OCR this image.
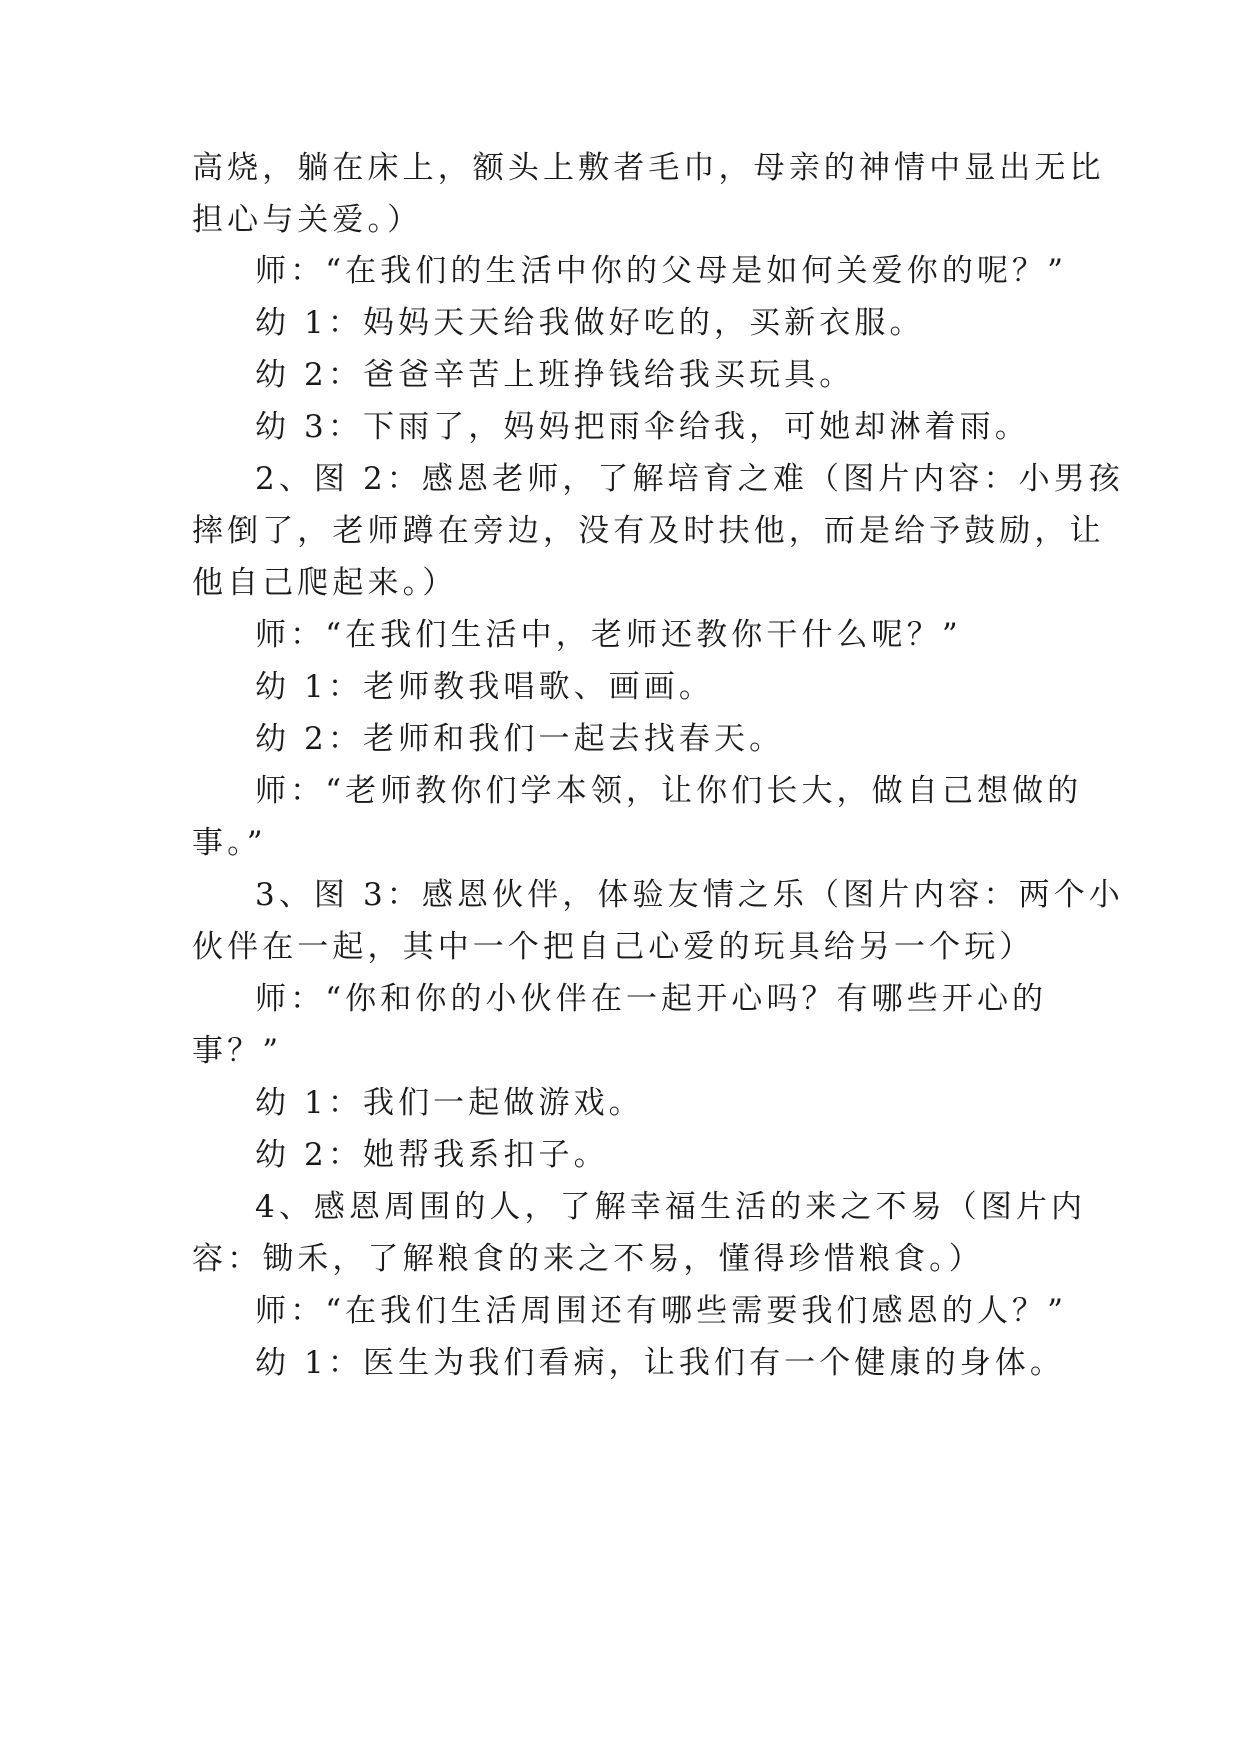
高烧，躺在床上，额头上敷者毛巾，母亲的神情中显出无比
担心与关爱。）
师：“在我们的生活中你的父母是如何关爱你的呢？”
幼 1：妈妈天天给我做好吃的，买新衣服。
幼 2：爸爸辛苦上班挣钱给我买玩具。
幼 3：下雨了，妈妈把雨伞给我，可她却淋着雨。
2、图 2：感恩老师，了解培育之难（图片内容：小男孩
摔倒了，老师蹲在旁边，没有及时扶他，而是给予鼓励，让
他自己爬起来。）
师：“在我们生活中，老师还教你干什么呢？”
幼 1：老师教我唱歌、画画。
幼 2：老师和我们一起去找春天。
师：“老师教你们学本领，让你们长大，做自己想做的
事。”
3、图 3：感恩伙伴，体验友情之乐（图片内容：两个小
伙伴在一起，其中一个把自己心爱的玩具给另一个玩）
师：“你和你的小伙伴在一起开心吗？有哪些开心的
事？”
幼 1：我们一起做游戏。
幼 2：她帮我系扣子。
4、感恩周围的人，了解幸福生活的来之不易（图片内
容：锄禾，了解粮食的来之不易，懂得珍惜粮食。）
师：“在我们生活周围还有哪些需要我们感恩的人？”
幼 1：医生为我们看病，让我们有一个健康的身体。
